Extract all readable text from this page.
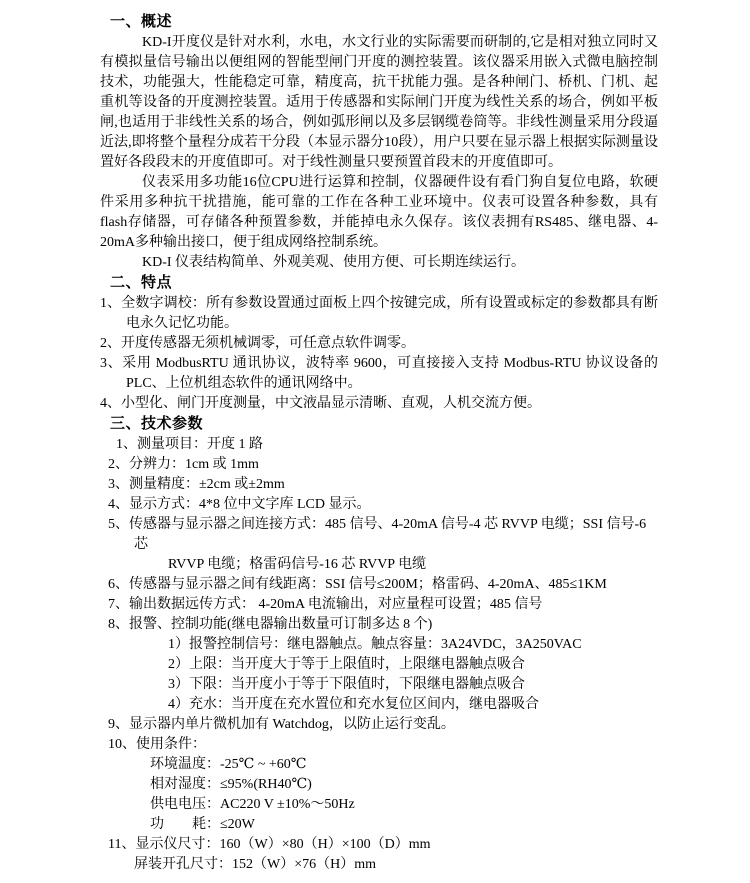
一、概述

KD-I开度仪是针对水利，水电，水文行业的实际需要而研制的,它是相对独立同时又有模拟量信号输出以便组网的智能型闸门开度的测控装置。该仪器采用嵌入式微电脑控制技术，功能强大，性能稳定可靠，精度高，抗干扰能力强。是各种闸门、桥机、门机、起重机等设备的开度测控装置。适用于传感器和实际闸门开度为线性关系的场合，例如平板闸,也适用于非线性关系的场合，例如弧形闸以及多层钢缆卷筒等。非线性测量采用分段逼近法,即将整个量程分成若干分段（本显示器分10段），用户只要在显示器上根据实际测量设置好各段段末的开度值即可。对于线性测量只要预置首段末的开度值即可。

仪表采用多功能16位CPU进行运算和控制，仪器硬件设有看门狗自复位电路，软硬件采用多种抗干扰措施，能可靠的工作在各种工业环境中。仪表可设置各种参数，具有flash存储器，可存储各种预置参数，并能掉电永久保存。该仪表拥有RS485、继电器、4-20mA多种输出接口，便于组成网络控制系统。

KD-I 仪表结构简单、外观美观、使用方便、可长期连续运行。

二、特点
1、全数字调校：所有参数设置通过面板上四个按键完成，所有设置或标定的参数都具有断电永久记忆功能。
2、开度传感器无须机械调零，可任意点软件调零。
3、采用 ModbusRTU 通讯协议，波特率 9600，可直接接入支持 Modbus-RTU 协议设备的 PLC、上位机组态软件的通讯网络中。
4、小型化、闸门开度测量，中文液晶显示清晰、直观，人机交流方便。
三、技术参数
1、测量项目：开度 1 路
2、分辨力：1cm 或 1mm
3、测量精度：±2cm 或±2mm
4、显示方式：4*8 位中文字库 LCD 显示。
5、传感器与显示器之间连接方式：485 信号、4-20mA 信号-4 芯 RVVP 电缆；SSI 信号-6 芯
RVVP 电缆；格雷码信号-16 芯 RVVP 电缆
6、传感器与显示器之间有线距离：SSI 信号≤200M；格雷码、4-20mA、485≤1KM
7、输出数据远传方式： 4-20mA 电流输出，对应量程可设置；485 信号
8、报警、控制功能(继电器输出数量可订制多达 8 个)
1）报警控制信号：继电器触点。触点容量：3A24VDC，3A250VAC
2）上限：当开度大于等于上限值时，上限继电器触点吸合
3）下限：当开度小于等于下限值时，下限继电器触点吸合
4）充水：当开度在充水置位和充水复位区间内，继电器吸合
9、显示器内单片微机加有 Watchdog，以防止运行变乱。
10、使用条件：
环境温度：-25℃ ~ +60℃
相对湿度：≤95%(RH40℃)
供电电压：AC220 V ±10%～50Hz
功　　耗：≤20W
11、显示仪尺寸：160（W）×80（H）×100（D）mm
屏装开孔尺寸：152（W）×76（H）mm
